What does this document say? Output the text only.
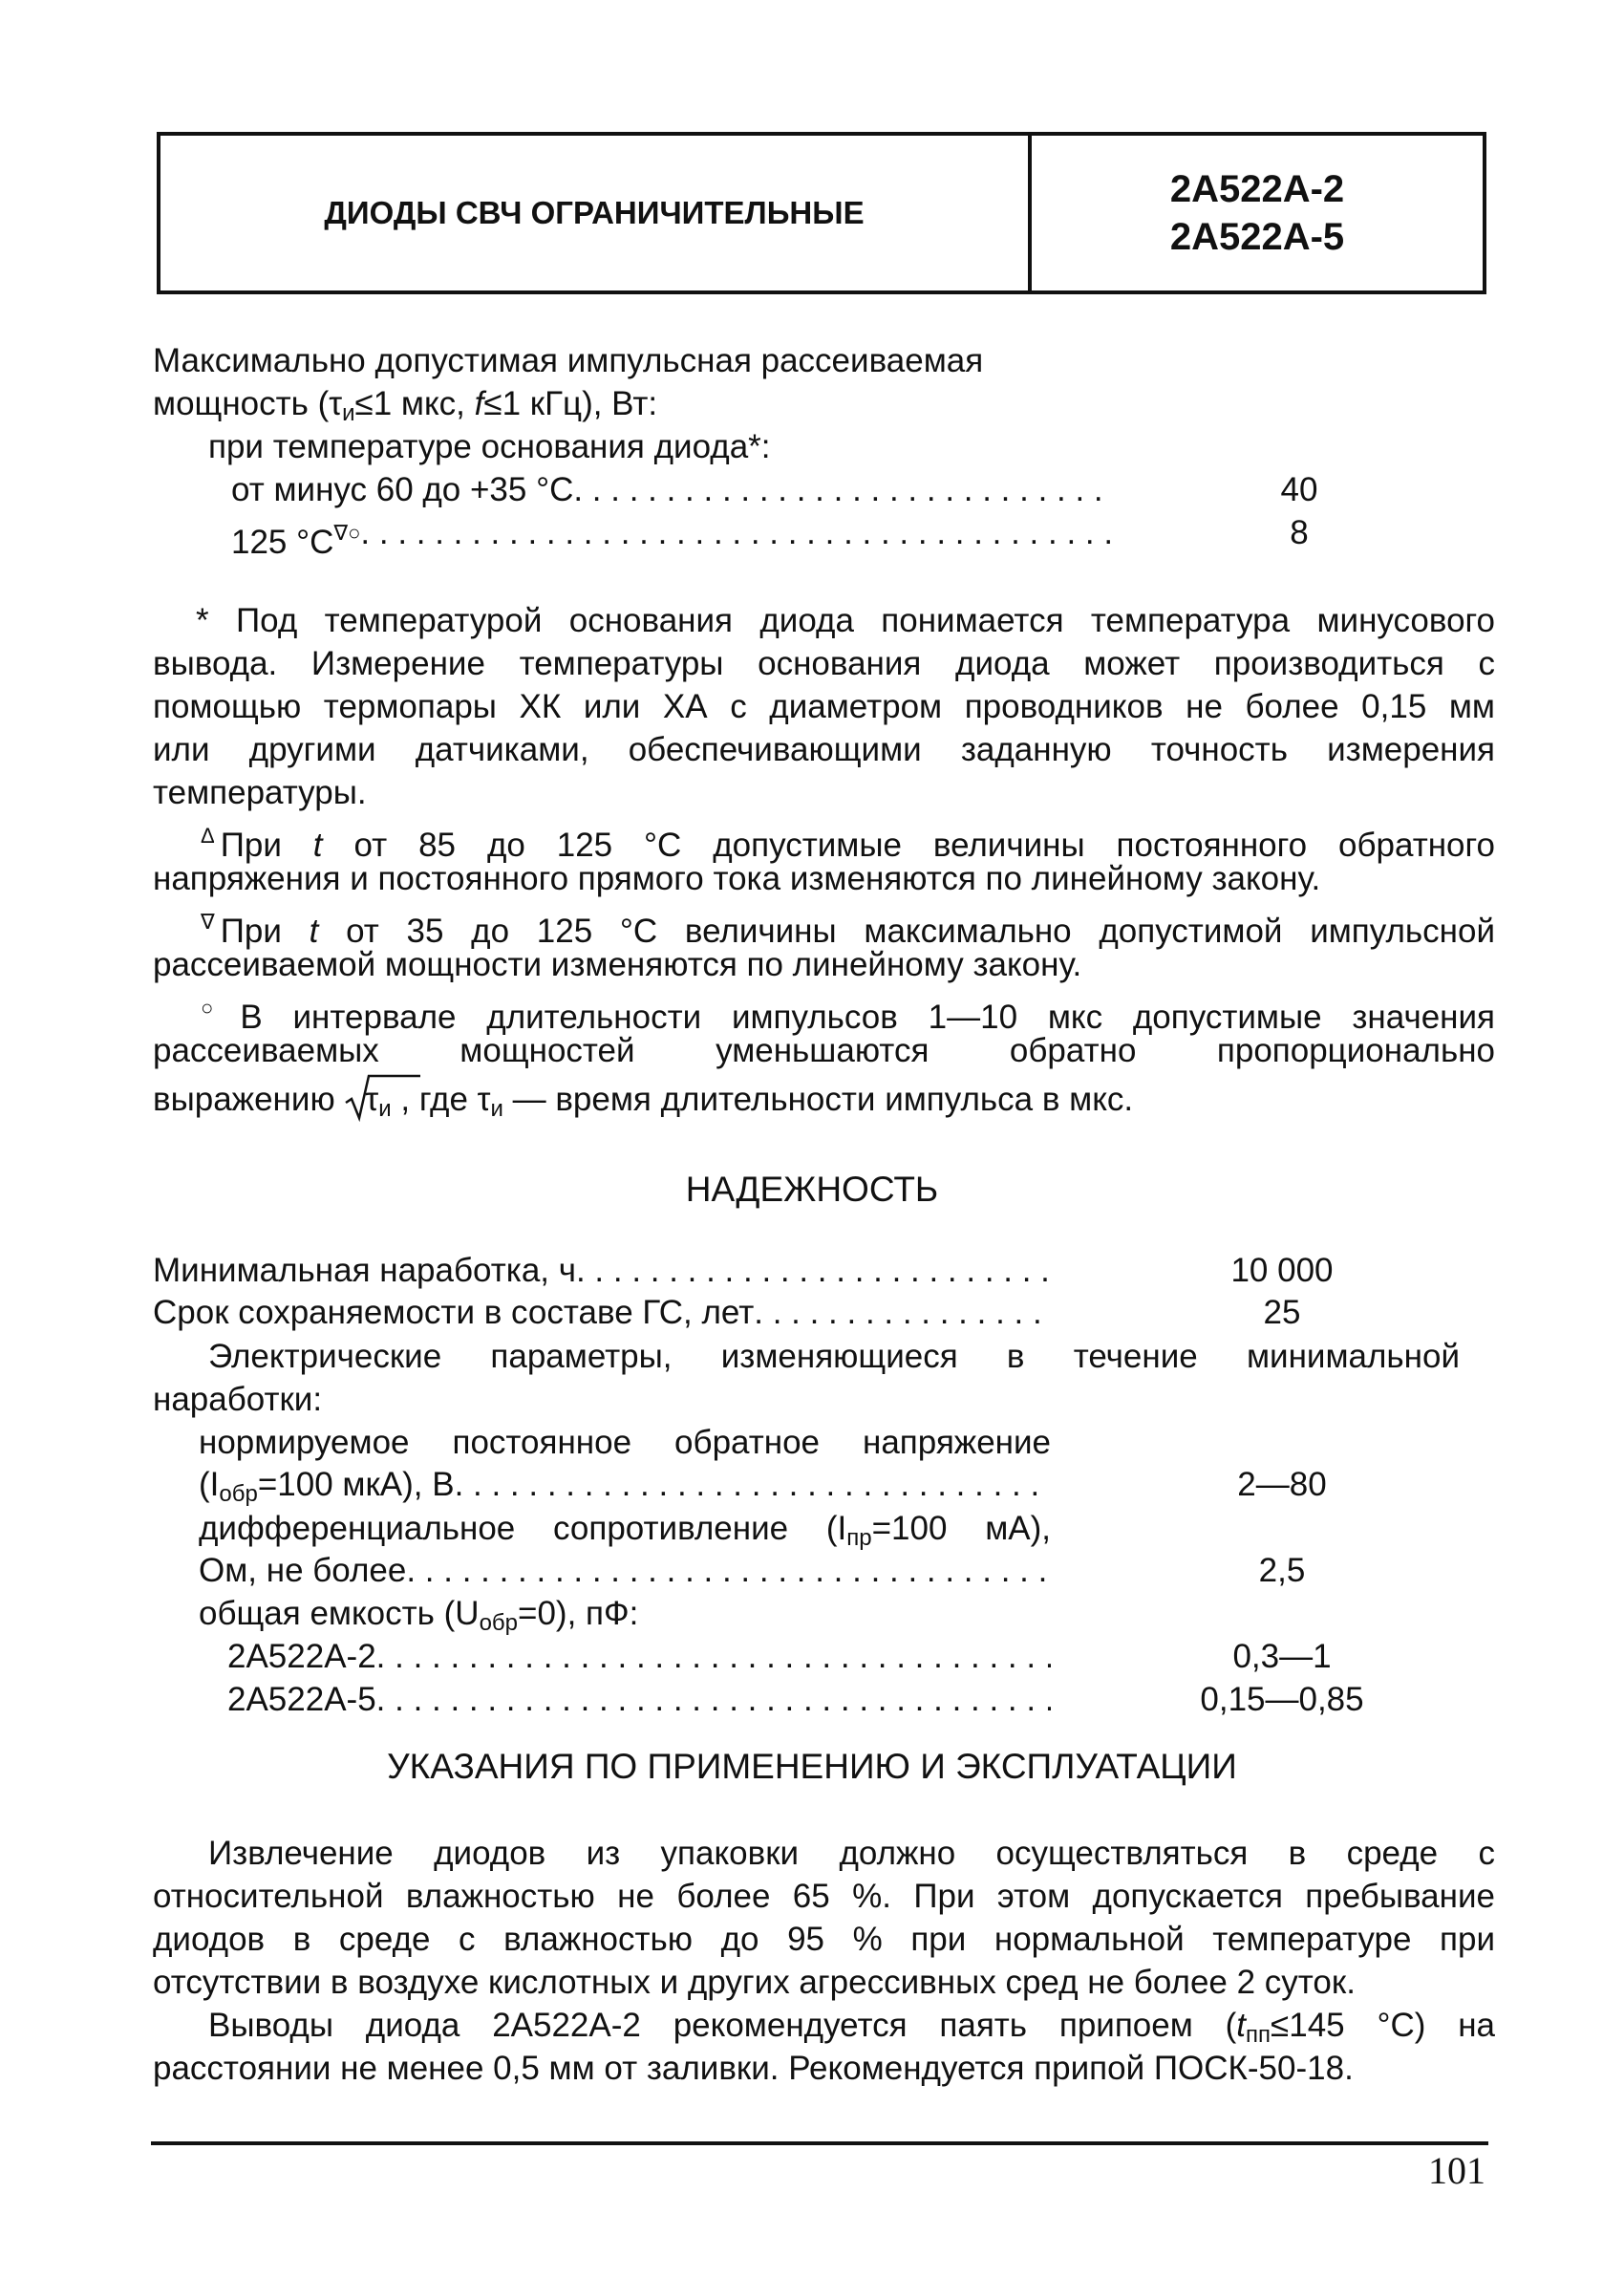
ДИОДЫ СВЧ ОГРАНИЧИТЕЛЬНЫЕ
2А522А-2
2А522А-5
Максимально допустимая импульсная рассеиваемая
мощность ($\tau_и\le 1$ мкс, f≤1 кГц), Вт:
при температуре основания диода*:
от минус 60 до +35 °С . . .	40
125 °С∇○ . . .	8
* Под температурой основания диода понимается температура минусового
вывода. Измерение температуры основания диода может производиться с
помощью термопары ХК или ХА с диаметром проводников не более 0,15 мм
или другими датчиками, обеспечивающими заданную точность измерения
температуры.
$^\Delta$ При t от 85 до 125 °С допустимые величины постоянного обратного
напряжения и постоянного прямого тока изменяются по линейному закону.
∇ При t от 35 до 125 °С величины максимально допустимой импульсной
рассеиваемой мощности изменяются по линейному закону.
○ В интервале длительности импульсов 1—10 мкс допустимые значения
рассеиваемых мощностей уменьшаются обратно пропорционально
выражению
$\tau_и$ , где $\tau_и$ — время длительности импульса в мкс.
НАДЕЖНОСТЬ
Минимальная наработка, ч . . .	10 000
Срок сохраняемости в составе ГС, лет . . .	25
Электрические параметры, изменяющиеся в течение минимальной
наработки:
нормируемое постоянное обратное напряжение
($I_{обр}=100$ мкА), В . . .	2—80
дифференциальное сопротивление ($I_{пр}=100$ мА),
Ом, не более . . .	2,5
общая емкость $(U_{обр}=0)$, пФ:
2А522А-2 . . .	0,3—1
2А522А-5 . . .	0,15—0,85
УКАЗАНИЯ ПО ПРИМЕНЕНИЮ И ЭКСПЛУАТАЦИИ
Извлечение диодов из упаковки должно осуществляться в среде с
относительной влажностью не более 65 %. При этом допускается пребывание
диодов в среде с влажностью до 95 % при нормальной температуре при
отсутствии в воздухе кислотных и других агрессивных сред не более 2 суток.
Выводы диода 2А522А-2 рекомендуется паять припоем ($t_{пп}\le 145$ °С) на
расстоянии не менее 0,5 мм от заливки. Рекомендуется припой ПОСК-50-18.
101
